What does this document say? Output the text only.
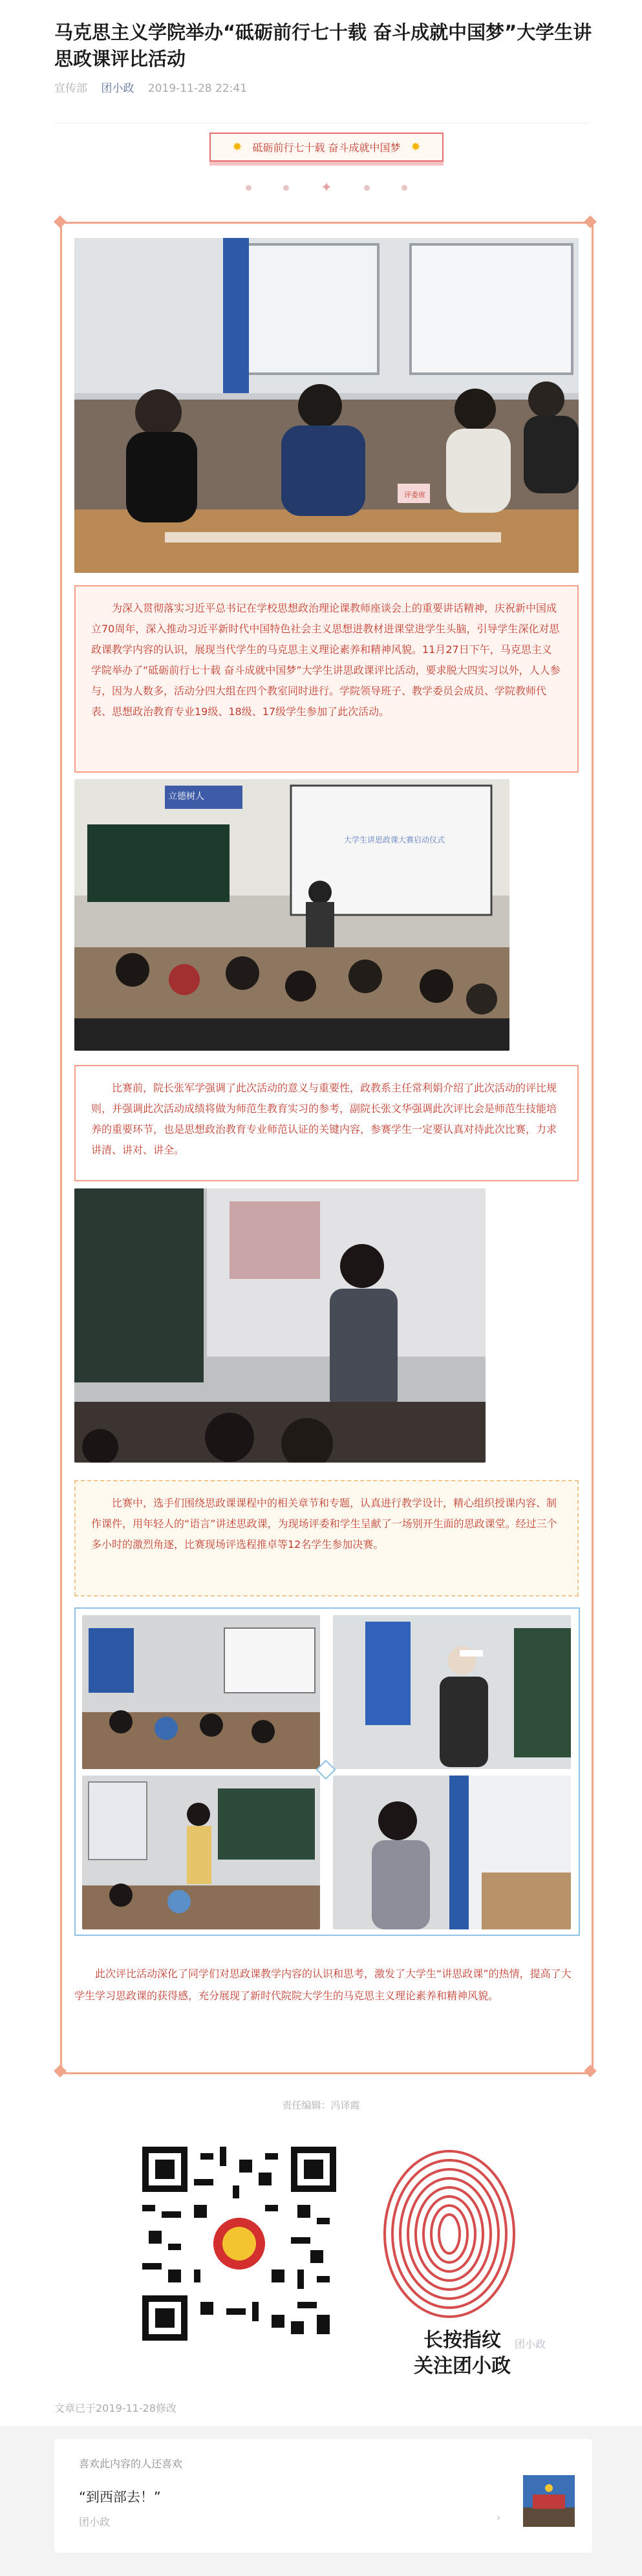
马克思主义学院举办“砥砺前行七十载 奋斗成就中国梦”大学生讲思政课评比活动
宣传部 团小政 2019-11-28 22:41
✸ 砥砺前行七十载 奋斗成就中国梦 ✸
✦
评委席
为深入贯彻落实习近平总书记在学校思想政治理论课教师座谈会上的重要讲话精神，庆祝新中国成立70周年，深入推动习近平新时代中国特色社会主义思想进教材进课堂进学生头脑，引导学生深化对思政课教学内容的认识，展现当代学生的马克思主义理论素养和精神风貌。11月27日下午，马克思主义学院举办了“砥砺前行七十载 奋斗成就中国梦”大学生讲思政课评比活动，要求脱大四实习以外，人人参与，因为人数多，活动分四大组在四个教室同时进行。学院领导班子、教学委员会成员、学院教师代表、思想政治教育专业19级、18级、17级学生参加了此次活动。
立德树人
大学生讲思政课大赛启动仪式
比赛前，院长张军学强调了此次活动的意义与重要性，政教系主任常利娟介绍了此次活动的评比规则，并强调此次活动成绩将做为师范生教育实习的参考，副院长张文华强调此次评比会是师范生技能培养的重要环节，也是思想政治教育专业师范认证的关键内容，参赛学生一定要认真对待此次比赛，力求讲清、讲对、讲全。
比赛中，选手们围绕思政课课程中的相关章节和专题，认真进行教学设计，精心组织授课内容、制作课件，用年轻人的“语言”讲述思政课，为现场评委和学生呈献了一场别开生面的思政课堂。经过三个多小时的激烈角逐，比赛现场评选程推卓等12名学生参加决赛。
此次评比活动深化了同学们对思政课教学内容的认识和思考，激发了大学生“讲思政课”的热情，提高了大学生学习思政课的获得感，充分展现了新时代院院大学生的马克思主义理论素养和精神风貌。
责任编辑：冯译霞
长按指纹
关注团小政
团小政
文章已于2019-11-28修改
喜欢此内容的人还喜欢
“到西部去！”
团小政	›
